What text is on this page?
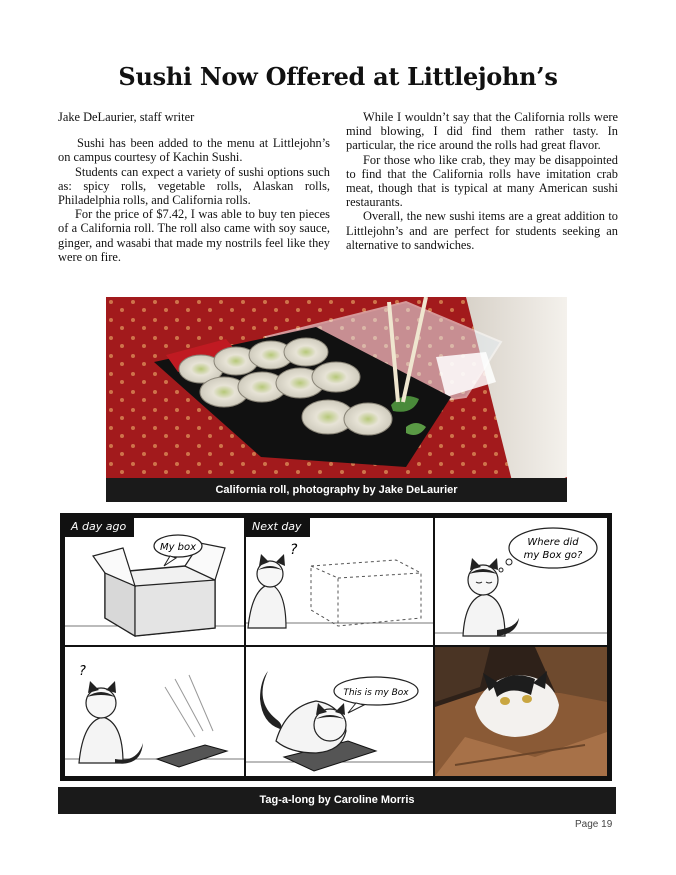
Sushi Now Offered at Littlejohn’s

Jake DeLaurier, staff writer

Sushi has been added to the menu at Littlejohn’s on campus courtesy of Kachin Sushi.

Students can expect a variety of sushi options such as: spicy rolls, vegetable rolls, Alaskan rolls, Philadelphia rolls, and California rolls.

For the price of $7.42, I was able to buy ten pieces of a California roll. The roll also came with soy sauce, ginger, and wasabi that made my nostrils feel like they were on fire.

While I wouldn’t say that the California rolls were mind blowing, I did find them rather tasty. In particular, the rice around the rolls had great flavor.

For those who like crab, they may be disappointed to find that the California rolls have imitation crab meat, though that is typical at many American sushi restaurants.

Overall, the new sushi items are a great addition to Littlejohn’s and are perfect for students seeking an alternative to sandwiches.

California roll, photography by Jake DeLaurier
My box
A day ago
?
Next day
Where did
my Box go?
?
This is my Box
Tag-a-long by Caroline Morris
Page 19
